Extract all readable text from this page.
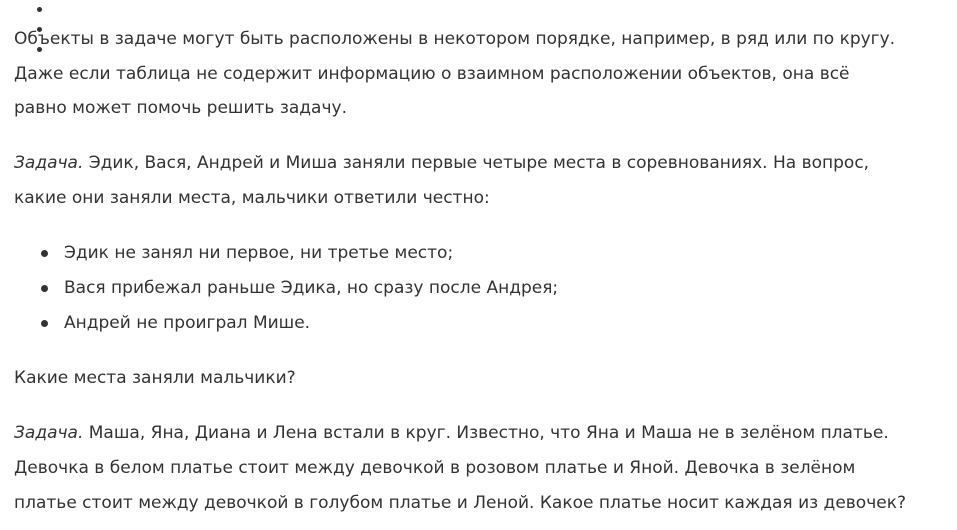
Объекты в задаче могут быть расположены в некотором порядке, например, в ряд или по кругу.
Даже если таблица не содержит информацию о взаимном расположении объектов, она всё
равно может помочь решить задачу.

Задача. Эдик, Вася, Андрей и Миша заняли первые четыре места в соревнованиях. На вопрос,
какие они заняли места, мальчики ответили честно:

• Эдик не занял ни первое, ни третье место;
• Вася прибежал раньше Эдика, но сразу после Андрея;
• Андрей не проиграл Мише.

Какие места заняли мальчики?

Задача. Маша, Яна, Диана и Лена встали в круг. Известно, что Яна и Маша не в зелёном платье.
Девочка в белом платье стоит между девочкой в розовом платье и Яной. Девочка в зелёном
платье стоит между девочкой в голубом платье и Леной. Какое платье носит каждая из девочек?
